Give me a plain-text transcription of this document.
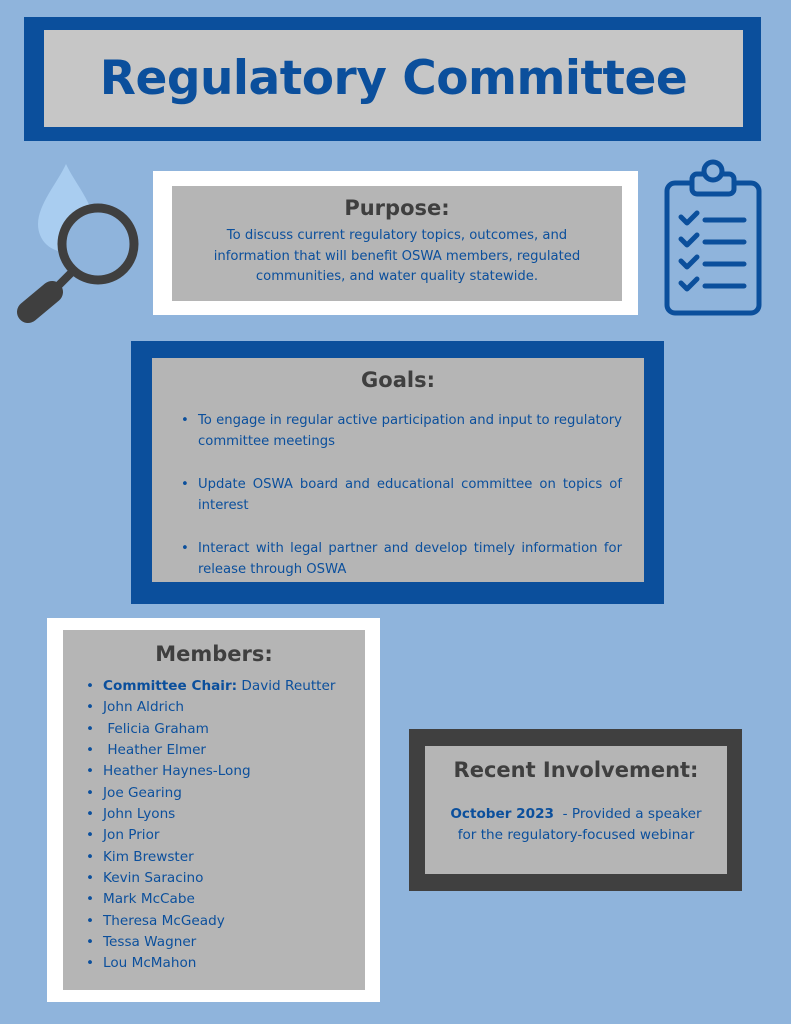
Regulatory Committee
Purpose:
To discuss current regulatory topics, outcomes, and information that will benefit OSWA members, regulated communities, and water quality statewide.
Goals:
• To engage in regular active participation and input to regulatory committee meetings
• Update OSWA board and educational committee on topics of interest
• Interact with legal partner and develop timely information for release through OSWA
Members:
• Committee Chair: David Reutter
• John Aldrich
•  Felicia Graham
•  Heather Elmer
• Heather Haynes-Long
• Joe Gearing
• John Lyons
• Jon Prior
• Kim Brewster
• Kevin Saracino
• Mark McCabe
• Theresa McGeady
• Tessa Wagner
• Lou McMahon
Recent Involvement:
October 2023  - Provided a speaker for the regulatory-focused webinar
